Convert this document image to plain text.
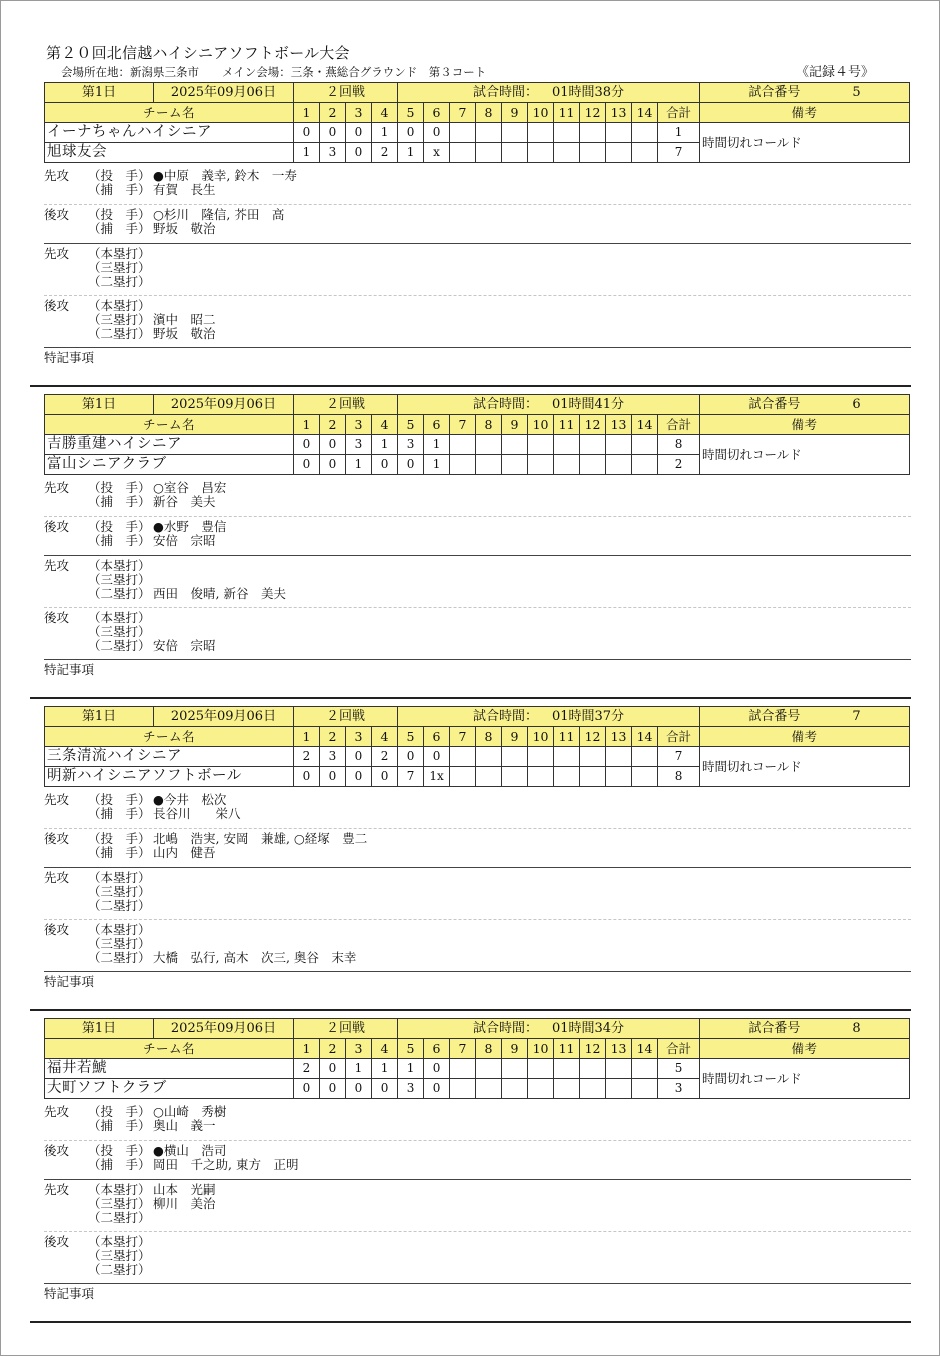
第２０回北信越ハイシニアソフトボール大会
会場所在地：新潟県三条市　　メイン会場：三条・燕総合グラウンド　第３コート	《記録４号》
第1日	2025年09月06日	２回戦				試合時間： 01時間38分											試合番号 5
チーム名		1	2	3	4	5	6	7	8	9	10	11	12	13	14	合計	備考
イーナちゃんハイシニア		0	0	0	1	0	0									1	時間切れコールド
旭球友会		1	3	0	2	1	x									7	
先攻 （投　手） ●中原　義幸, 鈴木　一寿
（捕　手） 有賀　長生
後攻 （投　手） ○杉川　隆信, 芥田　高
（捕　手） 野坂　敬治
先攻 （本塁打）
（三塁打）
（二塁打）
後攻 （本塁打）
（三塁打） 濱中　昭二
（二塁打） 野坂　敬治
特記事項
第1日	2025年09月06日	２回戦				試合時間： 01時間41分											試合番号 6
チーム名		1	2	3	4	5	6	7	8	9	10	11	12	13	14	合計	備考
吉勝重建ハイシニア		0	0	3	1	3	1									8	時間切れコールド
富山シニアクラブ		0	0	1	0	0	1									2	
先攻 （投　手） ○室谷　昌宏
（捕　手） 新谷　美夫
後攻 （投　手） ●水野　豊信
（捕　手） 安倍　宗昭
先攻 （本塁打）
（三塁打）
（二塁打） 西田　俊晴, 新谷　美夫
後攻 （本塁打）
（三塁打）
（二塁打） 安倍　宗昭
特記事項
第1日	2025年09月06日	２回戦				試合時間： 01時間37分											試合番号 7
チーム名		1	2	3	4	5	6	7	8	9	10	11	12	13	14	合計	備考
三条清流ハイシニア		2	3	0	2	0	0									7	時間切れコールド
明新ハイシニアソフトボール		0	0	0	0	7	1x									8	
先攻 （投　手） ●今井　松次
（捕　手） 長谷川　　栄八
後攻 （投　手） 北嶋　浩実, 安岡　兼雄, ○経塚　豊二
（捕　手） 山内　健吾
先攻 （本塁打）
（三塁打）
（二塁打）
後攻 （本塁打）
（三塁打）
（二塁打） 大橋　弘行, 高木　次三, 奥谷　末幸
特記事項
第1日	2025年09月06日	２回戦				試合時間： 01時間34分											試合番号 8
チーム名		1	2	3	4	5	6	7	8	9	10	11	12	13	14	合計	備考
福井若鯱		2	0	1	1	1	0									5	時間切れコールド
大町ソフトクラブ		0	0	0	0	3	0									3	
先攻 （投　手） ○山崎　秀樹
（捕　手） 奥山　義一
後攻 （投　手） ●横山　浩司
（捕　手） 岡田　千之助, 東方　正明
先攻 （本塁打） 山本　光嗣
（三塁打） 柳川　美治
（二塁打）
後攻 （本塁打）
（三塁打）
（二塁打）
特記事項
